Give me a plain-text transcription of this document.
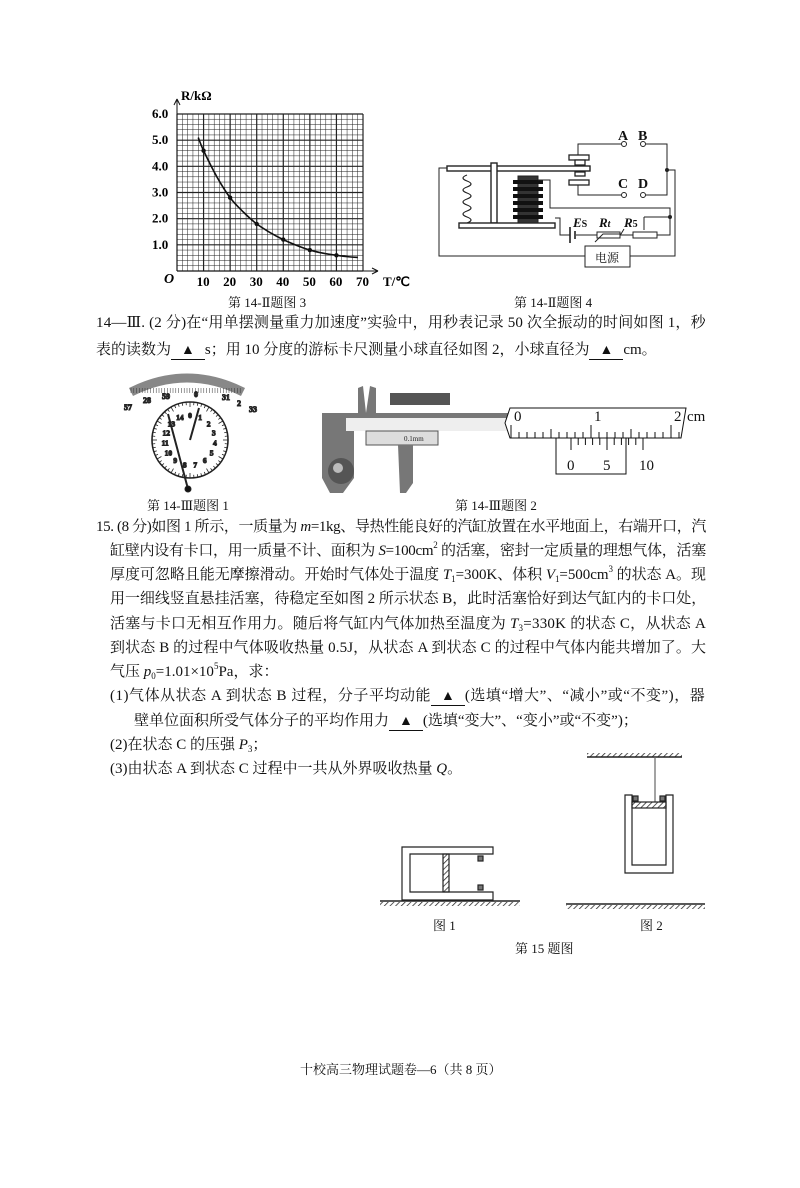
10 20 30 40 50 60 70
1.0
2.0
3.0
4.0
5.0
6.0
O	T/℃
R/kΩ
第 14-Ⅱ题图 3
A B
C D
ES Rt R5
电源
第 14-Ⅱ题图 4
14—Ⅲ. (2 分)在“用单摆测量重力加速度”实验中，用秒表记录 50 次全振动的时间如图 1，秒
表的读数为 ▲ s；用 10 分度的游标卡尺测量小球直径如图 2，小球直径为 ▲ cm。
57
28 59	0	31
2
33
14 0 1
2
3
4
5
6
7
8
9
10
11
12
13
第 14-Ⅲ题图 1
0.1mm
0	1	2 cm
0 5 10
第 14-Ⅲ题图 2
15. (8 分)如图 1 所示，一质量为 m=1kg、导热性能良好的汽缸放置在水平地面上，右端开口，汽
缸壁内设有卡口，用一质量不计、面积为 $S=100cm^2$ 的活塞，密封一定质量的理想气体，活塞
厚度可忽略且能无摩擦滑动。开始时气体处于温度 $T_1=300K$、体积 $V_1=500cm^3$ 的状态 A。现
用一细线竖直悬挂活塞，待稳定至如图 2 所示状态 B，此时活塞恰好到达气缸内的卡口处，
活塞与卡口无相互作用力。随后将气缸内气体加热至温度为 $T_3=330K$ 的状态 C，从状态 A
到状态 B 的过程中气体吸收热量 0.5J，从状态 A 到状态 C 的过程中气体内能共增加了。大
气压 $p_0=1.01\times 10^5Pa$，求：
(1)气体从状态 A 到状态 B 过程，分子平均动能 ▲ (选填“增大”、“减小”或“不变”)，器
壁单位面积所受气体分子的平均作用力 ▲ (选填“变大”、“变小”或“不变”)；
(2)在状态 C 的压强 $P_3$；
(3)由状态 A 到状态 C 过程中一共从外界吸收热量 Q。
图 1	图 2
第 15 题图
十校高三物理试题卷—6（共 8 页）
